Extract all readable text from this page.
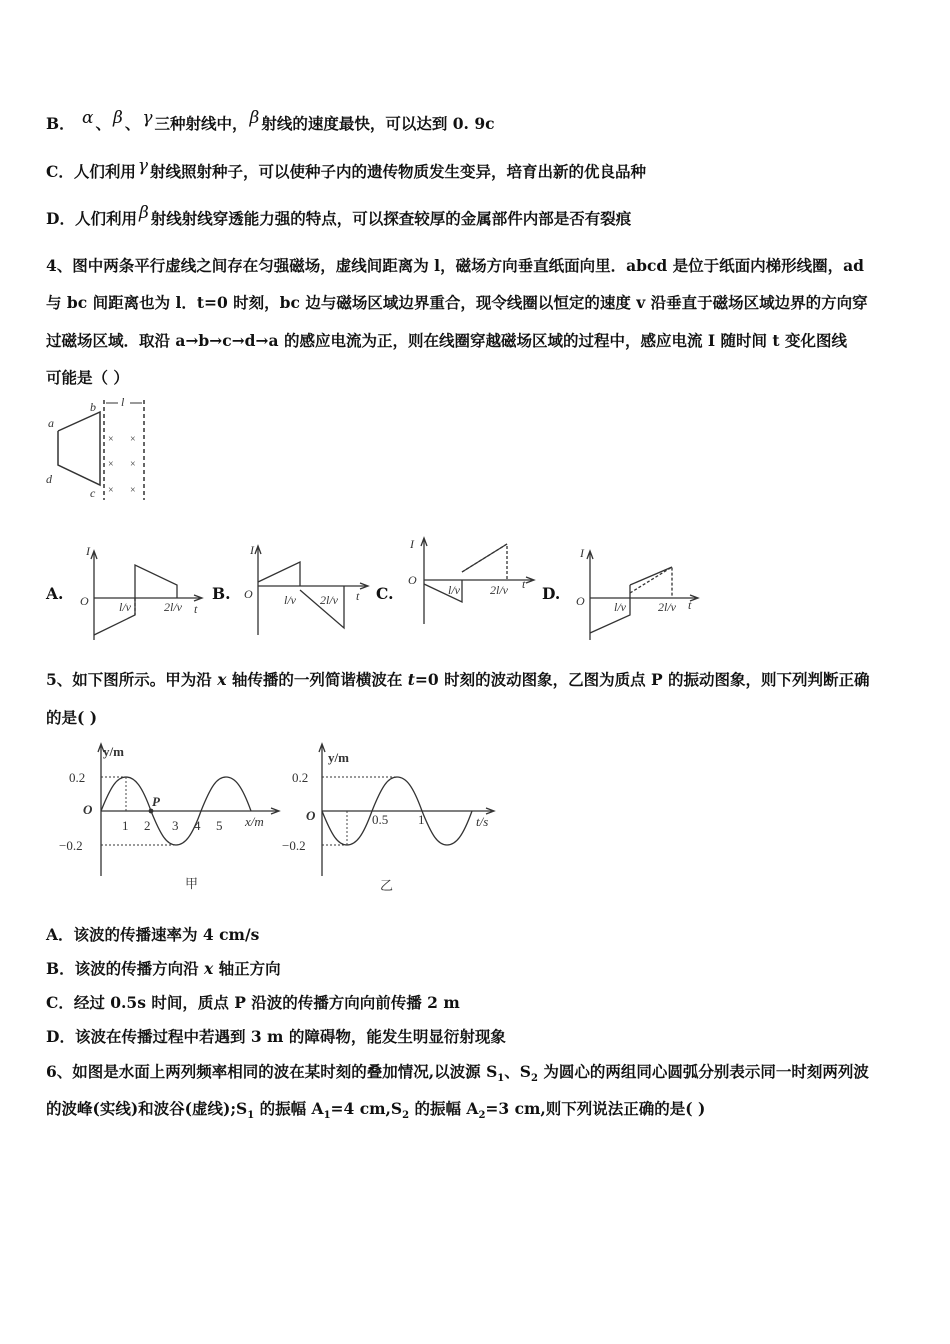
B． α 、 β 、 γ 三种射线中， β 射线的速度最快，可以达到 0. 9c
C．人们利用 γ 射线照射种子，可以使种子内的遗传物质发生变异，培育出新的优良品种
D．人们利用 β 射线射线穿透能力强的特点，可以探查较厚的金属部件内部是否有裂痕
4、图中两条平行虚线之间存在匀强磁场，虚线间距离为 l，磁场方向垂直纸面向里．abcd 是位于纸面内梯形线圈，ad
与 bc 间距离也为 l．t=0 时刻，bc 边与磁场区域边界重合，现令线圈以恒定的速度 v 沿垂直于磁场区域边界的方向穿
过磁场区域．取沿 a→b→c→d→a 的感应电流为正，则在线圈穿越磁场区域的过程中，感应电流 I 随时间 t 变化图线
可能是（ ）
a
b
c
d
l
× ×
× ×
× ×
A.
I
O	l/v	2l/v t
B.
I
O	l/v 2l/v t C.
I
O
l/v	2l/v t D.
I
O l/v	2l/v t
5、如下图所示。甲为沿 x 轴传播的一列简谐横波在 t=0 时刻的波动图象，乙图为质点 P 的振动图象，则下列判断正确
的是( )
y/m
x/m
O
P
0.2
−0.2
1 2 3 4 5
甲
y/m
t/s
O
0.2
−0.2
0.5 1
乙
A．该波的传播速率为 4 cm/s
B．该波的传播方向沿 x 轴正方向
C．经过 0.5s 时间，质点 P 沿波的传播方向向前传播 2 m
D．该波在传播过程中若遇到 3 m 的障碍物，能发生明显衍射现象
6、如图是水面上两列频率相同的波在某时刻的叠加情况,以波源 $S_1$、$S_2$ 为圆心的两组同心圆弧分别表示同一时刻两列波
的波峰(实线)和波谷(虚线)$;S_1$ 的振幅 $A_1=4$ $cm,S_2$ 的振幅 $A_2=3$ cm,则下列说法正确的是( )
